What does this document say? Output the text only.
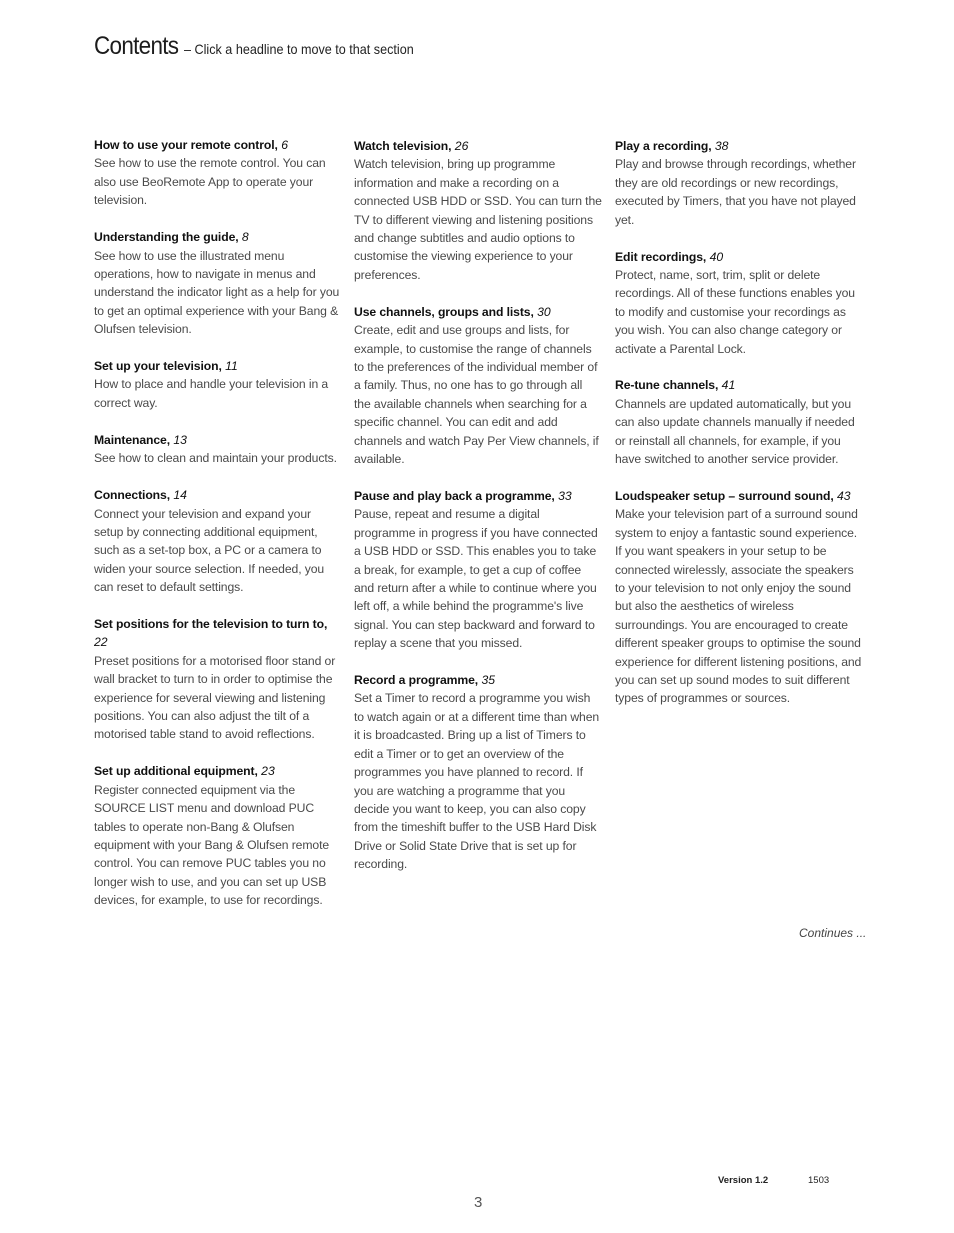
Contents – Click a headline to move to that section
How to use your remote control, 6
See how to use the remote control. You can also use BeoRemote App to operate your television.
Understanding the guide, 8
See how to use the illustrated menu operations, how to navigate in menus and understand the indicator light as a help for you to get an optimal experience with your Bang & Olufsen television.
Set up your television, 11
How to place and handle your television in a correct way.
Maintenance, 13
See how to clean and maintain your products.
Connections, 14
Connect your television and expand your setup by connecting additional equipment, such as a set-top box, a PC or a camera to widen your source selection. If needed, you can reset to default settings.
Set positions for the television to turn to, 22
Preset positions for a motorised floor stand or wall bracket to turn to in order to optimise the experience for several viewing and listening positions. You can also adjust the tilt of a motorised table stand to avoid reflections.
Set up additional equipment, 23
Register connected equipment via the SOURCE LIST menu and download PUC tables to operate non-Bang & Olufsen equipment with your Bang & Olufsen remote control. You can remove PUC tables you no longer wish to use, and you can set up USB devices, for example, to use for recordings.
Watch television, 26
Watch television, bring up programme information and make a recording on a connected USB HDD or SSD. You can turn the TV to different viewing and listening positions and change subtitles and audio options to customise the viewing experience to your preferences.
Use channels, groups and lists, 30
Create, edit and use groups and lists, for example, to customise the range of channels to the preferences of the individual member of a family. Thus, no one has to go through all the available channels when searching for a specific channel. You can edit and add channels and watch Pay Per View channels, if available.
Pause and play back a programme, 33
Pause, repeat and resume a digital programme in progress if you have connected a USB HDD or SSD. This enables you to take a break, for example, to get a cup of coffee and return after a while to continue where you left off, a while behind the programme's live signal. You can step backward and forward to replay a scene that you missed.
Record a programme, 35
Set a Timer to record a programme you wish to watch again or at a different time than when it is broadcasted. Bring up a list of Timers to edit a Timer or to get an overview of the programmes you have planned to record. If you are watching a programme that you decide you want to keep, you can also copy from the timeshift buffer to the USB Hard Disk Drive or Solid State Drive that is set up for recording.
Play a recording, 38
Play and browse through recordings, whether they are old recordings or new recordings, executed by Timers, that you have not played yet.
Edit recordings, 40
Protect, name, sort, trim, split or delete recordings. All of these functions enables you to modify and customise your recordings as you wish. You can also change category or activate a Parental Lock.
Re-tune channels, 41
Channels are updated automatically, but you can also update channels manually if needed or reinstall all channels, for example, if you have switched to another service provider.
Loudspeaker setup – surround sound, 43
Make your television part of a surround sound system to enjoy a fantastic sound experience. If you want speakers in your setup to be connected wirelessly, associate the speakers to your television to not only enjoy the sound but also the aesthetics of wireless surroundings. You are encouraged to create different speaker groups to optimise the sound experience for different listening positions, and you can set up sound modes to suit different types of programmes or sources.
Continues ...
Version 1.2	1503
3
